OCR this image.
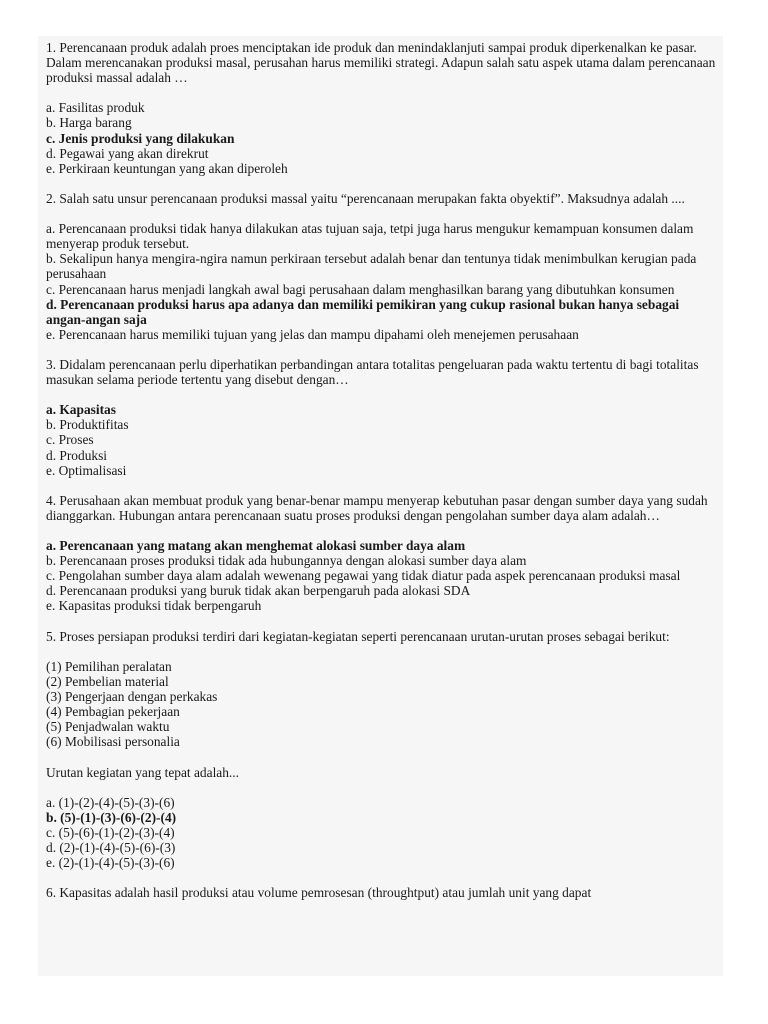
1. Perencanaan produk adalah proes menciptakan ide produk dan menindaklanjuti sampai produk diperkenalkan ke pasar. Dalam merencanakan produksi masal, perusahan harus memiliki strategi. Adapun salah satu aspek utama dalam perencanaan produksi massal adalah …

a. Fasilitas produk

b. Harga barang

c. Jenis produksi yang dilakukan

d. Pegawai yang akan direkrut

e. Perkiraan keuntungan yang akan diperoleh

2. Salah satu unsur perencanaan produksi massal yaitu “perencanaan merupakan fakta obyektif”. Maksudnya adalah ....

a. Perencanaan produksi tidak hanya dilakukan atas tujuan saja, tetpi juga harus mengukur kemampuan konsumen dalam menyerap produk tersebut.

b. Sekalipun hanya mengira-ngira namun perkiraan tersebut adalah benar dan tentunya tidak menimbulkan kerugian pada perusahaan

c. Perencanaan harus menjadi langkah awal bagi perusahaan dalam menghasilkan barang yang dibutuhkan konsumen

d. Perencanaan produksi harus apa adanya dan memiliki pemikiran yang cukup rasional bukan hanya sebagai angan-angan saja

e. Perencanaan harus memiliki tujuan yang jelas dan mampu dipahami oleh menejemen perusahaan

3. Didalam perencanaan perlu diperhatikan perbandingan antara totalitas pengeluaran pada waktu tertentu di bagi totalitas masukan selama periode tertentu yang disebut dengan…

a. Kapasitas

b. Produktifitas

c. Proses

d. Produksi

e. Optimalisasi

4. Perusahaan akan membuat produk yang benar-benar mampu menyerap kebutuhan pasar dengan sumber daya yang sudah dianggarkan. Hubungan antara perencanaan suatu proses produksi dengan pengolahan sumber daya alam adalah…

a. Perencanaan yang matang akan menghemat alokasi sumber daya alam

b. Perencanaan proses produksi tidak ada hubungannya dengan alokasi sumber daya alam

c. Pengolahan sumber daya alam adalah wewenang pegawai yang tidak diatur pada aspek perencanaan produksi masal

d. Perencanaan produksi yang buruk tidak akan berpengaruh pada alokasi SDA

e. Kapasitas produksi tidak berpengaruh

5. Proses persiapan produksi terdiri dari kegiatan-kegiatan seperti perencanaan urutan-urutan proses sebagai berikut:

(1) Pemilihan peralatan

(2) Pembelian material

(3) Pengerjaan dengan perkakas

(4) Pembagian pekerjaan

(5) Penjadwalan waktu

(6) Mobilisasi personalia

Urutan kegiatan yang tepat adalah...

a. (1)-(2)-(4)-(5)-(3)-(6)

b. (5)-(1)-(3)-(6)-(2)-(4)

c. (5)-(6)-(1)-(2)-(3)-(4)

d. (2)-(1)-(4)-(5)-(6)-(3)

e. (2)-(1)-(4)-(5)-(3)-(6)

6. Kapasitas adalah hasil produksi atau volume pemrosesan (throughtput) atau jumlah unit yang dapat
